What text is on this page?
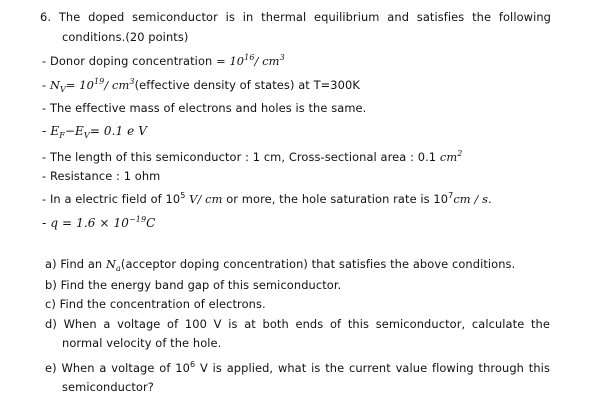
6. The doped semiconductor is in thermal equilibrium and satisfies the following
conditions.(20 points)
- Donor doping concentration = $10^{16}/$ $cm^3$
- $N_V= 10^{19}/$ $cm^3(effective$ density of states) at T=300K
- The effective mass of electrons and holes is the same.
- $E_F-E_V= 0.1$ e V
- The length of this semiconductor : 1 cm, Cross-sectional area : 0.1 $cm^2$
- Resistance : 1 ohm
- In a electric field of $10^5$ V/ cm or more, the hole saturation rate is $10^7cm$ / s.
- $q = 1.6 \times 10^{-19}C$
a) Find an $N_a(acceptor$ doping concentration) that satisfies the above conditions.
b) Find the energy band gap of this semiconductor.
c) Find the concentration of electrons.
d) When a voltage of 100 V is at both ends of this semiconductor, calculate the
normal velocity of the hole.
e) When a voltage of $10^6$ V is applied, what is the current value flowing through this
semiconductor?
